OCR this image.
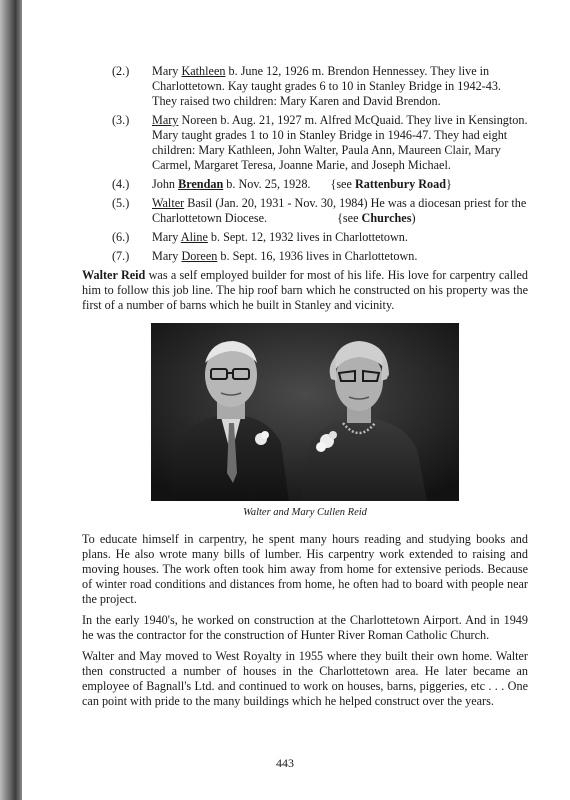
(2.)	Mary Kathleen b. June 12, 1926 m. Brendon Hennessey. They live in Charlottetown. Kay taught grades 6 to 10 in Stanley Bridge in 1942-43. They raised two children: Mary Karen and David Brendon.
(3.)	Mary Noreen b. Aug. 21, 1927 m. Alfred McQuaid. They live in Kensington. Mary taught grades 1 to 10 in Stanley Bridge in 1946-47. They had eight children: Mary Kathleen, John Walter, Paula Ann, Maureen Clair, Mary Carmel, Margaret Teresa, Joanne Marie, and Joseph Michael.
(4.)	John Brendan b. Nov. 25, 1928. {see Rattenbury Road}
(5.)	Walter Basil (Jan. 20, 1931 - Nov. 30, 1984) He was a diocesan priest for the Charlottetown Diocese.	{see Churches)
(6.)	Mary Aline b. Sept. 12, 1932 lives in Charlottetown.
(7.)	Mary Doreen b. Sept. 16, 1936 lives in Charlottetown.

Walter Reid was a self employed builder for most of his life. His love for carpentry called him to follow this job line. The hip roof barn which he constructed on his property was the first of a number of barns which he built in Stanley and vicinity.

Walter and Mary Cullen Reid

To educate himself in carpentry, he spent many hours reading and studying books and plans. He also wrote many bills of lumber. His carpentry work extended to raising and moving houses. The work often took him away from home for extensive periods. Because of winter road conditions and distances from home, he often had to board with people near the project.

In the early 1940's, he worked on construction at the Charlottetown Airport. And in 1949 he was the contractor for the construction of Hunter River Roman Catholic Church.

Walter and May moved to West Royalty in 1955 where they built their own home. Walter then constructed a number of houses in the Charlottetown area. He later became an employee of Bagnall's Ltd. and continued to work on houses, barns, piggeries, etc . . . One can point with pride to the many buildings which he helped construct over the years.

443
